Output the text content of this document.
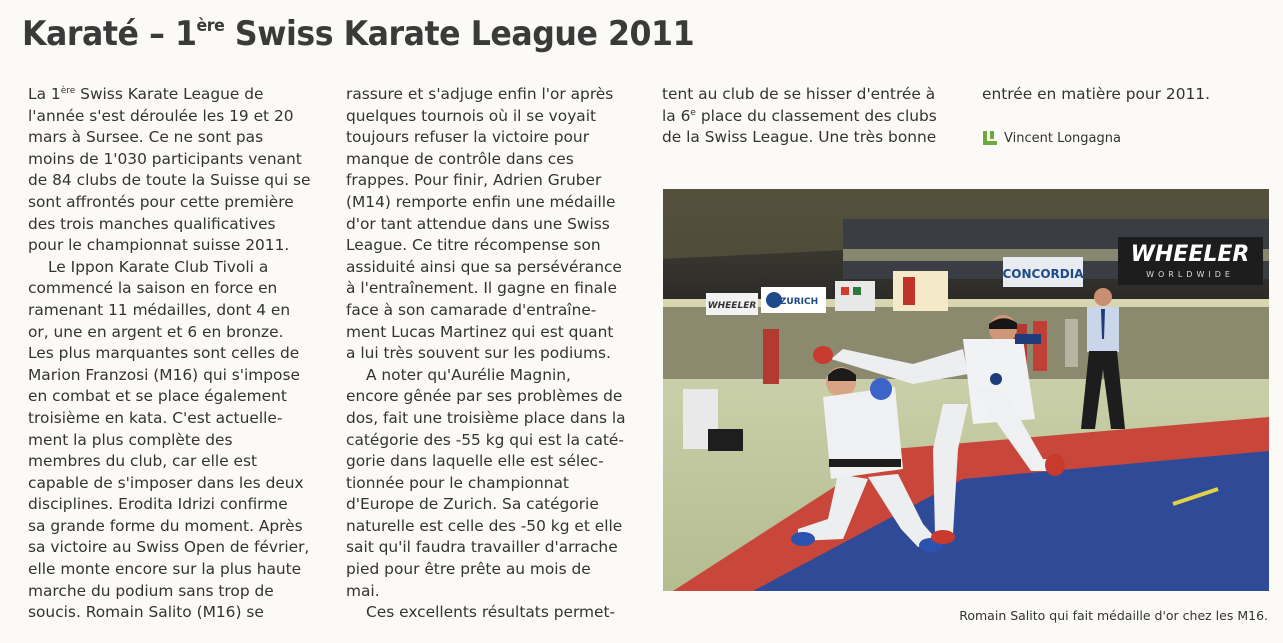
Karaté – 1ère Swiss Karate League 2011
La 1ère Swiss Karate League de
l'année s'est déroulée les 19 et 20
mars à Sursee. Ce ne sont pas
moins de 1'030 participants venant
de 84 clubs de toute la Suisse qui se
sont affrontés pour cette première
des trois manches qualificatives
pour le championnat suisse 2011.
Le Ippon Karate Club Tivoli a
commencé la saison en force en
ramenant 11 médailles, dont 4 en
or, une en argent et 6 en bronze.
Les plus marquantes sont celles de
Marion Franzosi (M16) qui s'impose
en combat et se place également
troisième en kata. C'est actuelle-
ment la plus complète des
membres du club, car elle est
capable de s'imposer dans les deux
disciplines. Erodita Idrizi confirme
sa grande forme du moment. Après
sa victoire au Swiss Open de février,
elle monte encore sur la plus haute
marche du podium sans trop de
soucis. Romain Salito (M16) se
rassure et s'adjuge enfin l'or après
quelques tournois où il se voyait
toujours refuser la victoire pour
manque de contrôle dans ces
frappes. Pour finir, Adrien Gruber
(M14) remporte enfin une médaille
d'or tant attendue dans une Swiss
League. Ce titre récompense son
assiduité ainsi que sa persévérance
à l'entraînement. Il gagne en finale
face à son camarade d'entraîne-
ment Lucas Martinez qui est quant
a lui très souvent sur les podiums.
A noter qu'Aurélie Magnin,
encore gênée par ses problèmes de
dos, fait une troisième place dans la
catégorie des -55 kg qui est la caté-
gorie dans laquelle elle est sélec-
tionnée pour le championnat
d'Europe de Zurich. Sa catégorie
naturelle est celle des -50 kg et elle
sait qu'il faudra travailler d'arrache
pied pour être prête au mois de
mai.
Ces excellents résultats permet-
tent au club de se hisser d'entrée à
la 6e place du classement des clubs
de la Swiss League. Une très bonne
entrée en matière pour 2011.
Vincent Longagna
WHEELER
WORLDWIDE
CONCORDIA
ZURICH
WHEELER
Romain Salito qui fait médaille d'or chez les M16.
